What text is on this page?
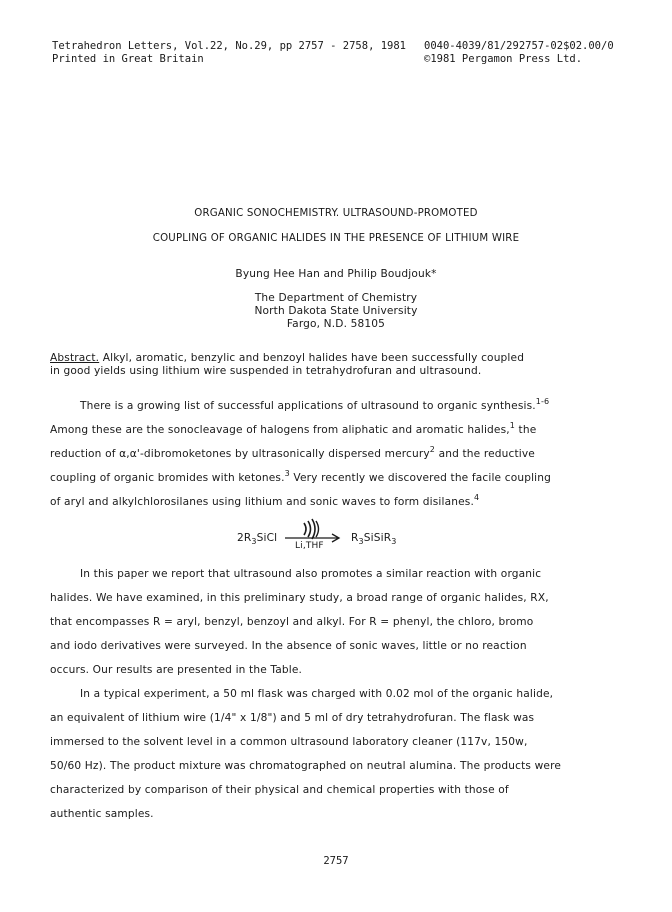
Tetrahedron Letters, Vol.22, No.29, pp 2757 - 2758, 1981
Printed in Great Britain
0040-4039/81/292757-02$02.00/0
©1981 Pergamon Press Ltd.
ORGANIC SONOCHEMISTRY. ULTRASOUND-PROMOTED
COUPLING OF ORGANIC HALIDES IN THE PRESENCE OF LITHIUM WIRE
Byung Hee Han and Philip Boudjouk*
The Department of Chemistry
North Dakota State University
Fargo, N.D. 58105
Abstract. Alkyl, aromatic, benzylic and benzoyl halides have been successfully coupled
in good yields using lithium wire suspended in tetrahydrofuran and ultrasound.
There is a growing list of successful applications of ultrasound to organic synthesis.$^{1-6}$
Among these are the sonocleavage of halogens from aliphatic and aromatic halides,$^1$ the
reduction of α,α'-dibromoketones by ultrasonically dispersed mercury$^2$ and the reductive
coupling of organic bromides with ketones.$^3$ Very recently we discovered the facile coupling
of aryl and alkylchlorosilanes using lithium and sonic waves to form disilanes.$^4$
$2R_3SiCl$
Li,THF
$R_3SiSiR_3$
In this paper we report that ultrasound also promotes a similar reaction with organic
halides. We have examined, in this preliminary study, a broad range of organic halides, RX,
that encompasses R = aryl, benzyl, benzoyl and alkyl. For R = phenyl, the chloro, bromo
and iodo derivatives were surveyed. In the absence of sonic waves, little or no reaction
occurs. Our results are presented in the Table.
In a typical experiment, a 50 ml flask was charged with 0.02 mol of the organic halide,
an equivalent of lithium wire (1/4" x 1/8") and 5 ml of dry tetrahydrofuran. The flask was
immersed to the solvent level in a common ultrasound laboratory cleaner (117v, 150w,
50/60 Hz). The product mixture was chromatographed on neutral alumina. The products were
characterized by comparison of their physical and chemical properties with those of
authentic samples.
2757
